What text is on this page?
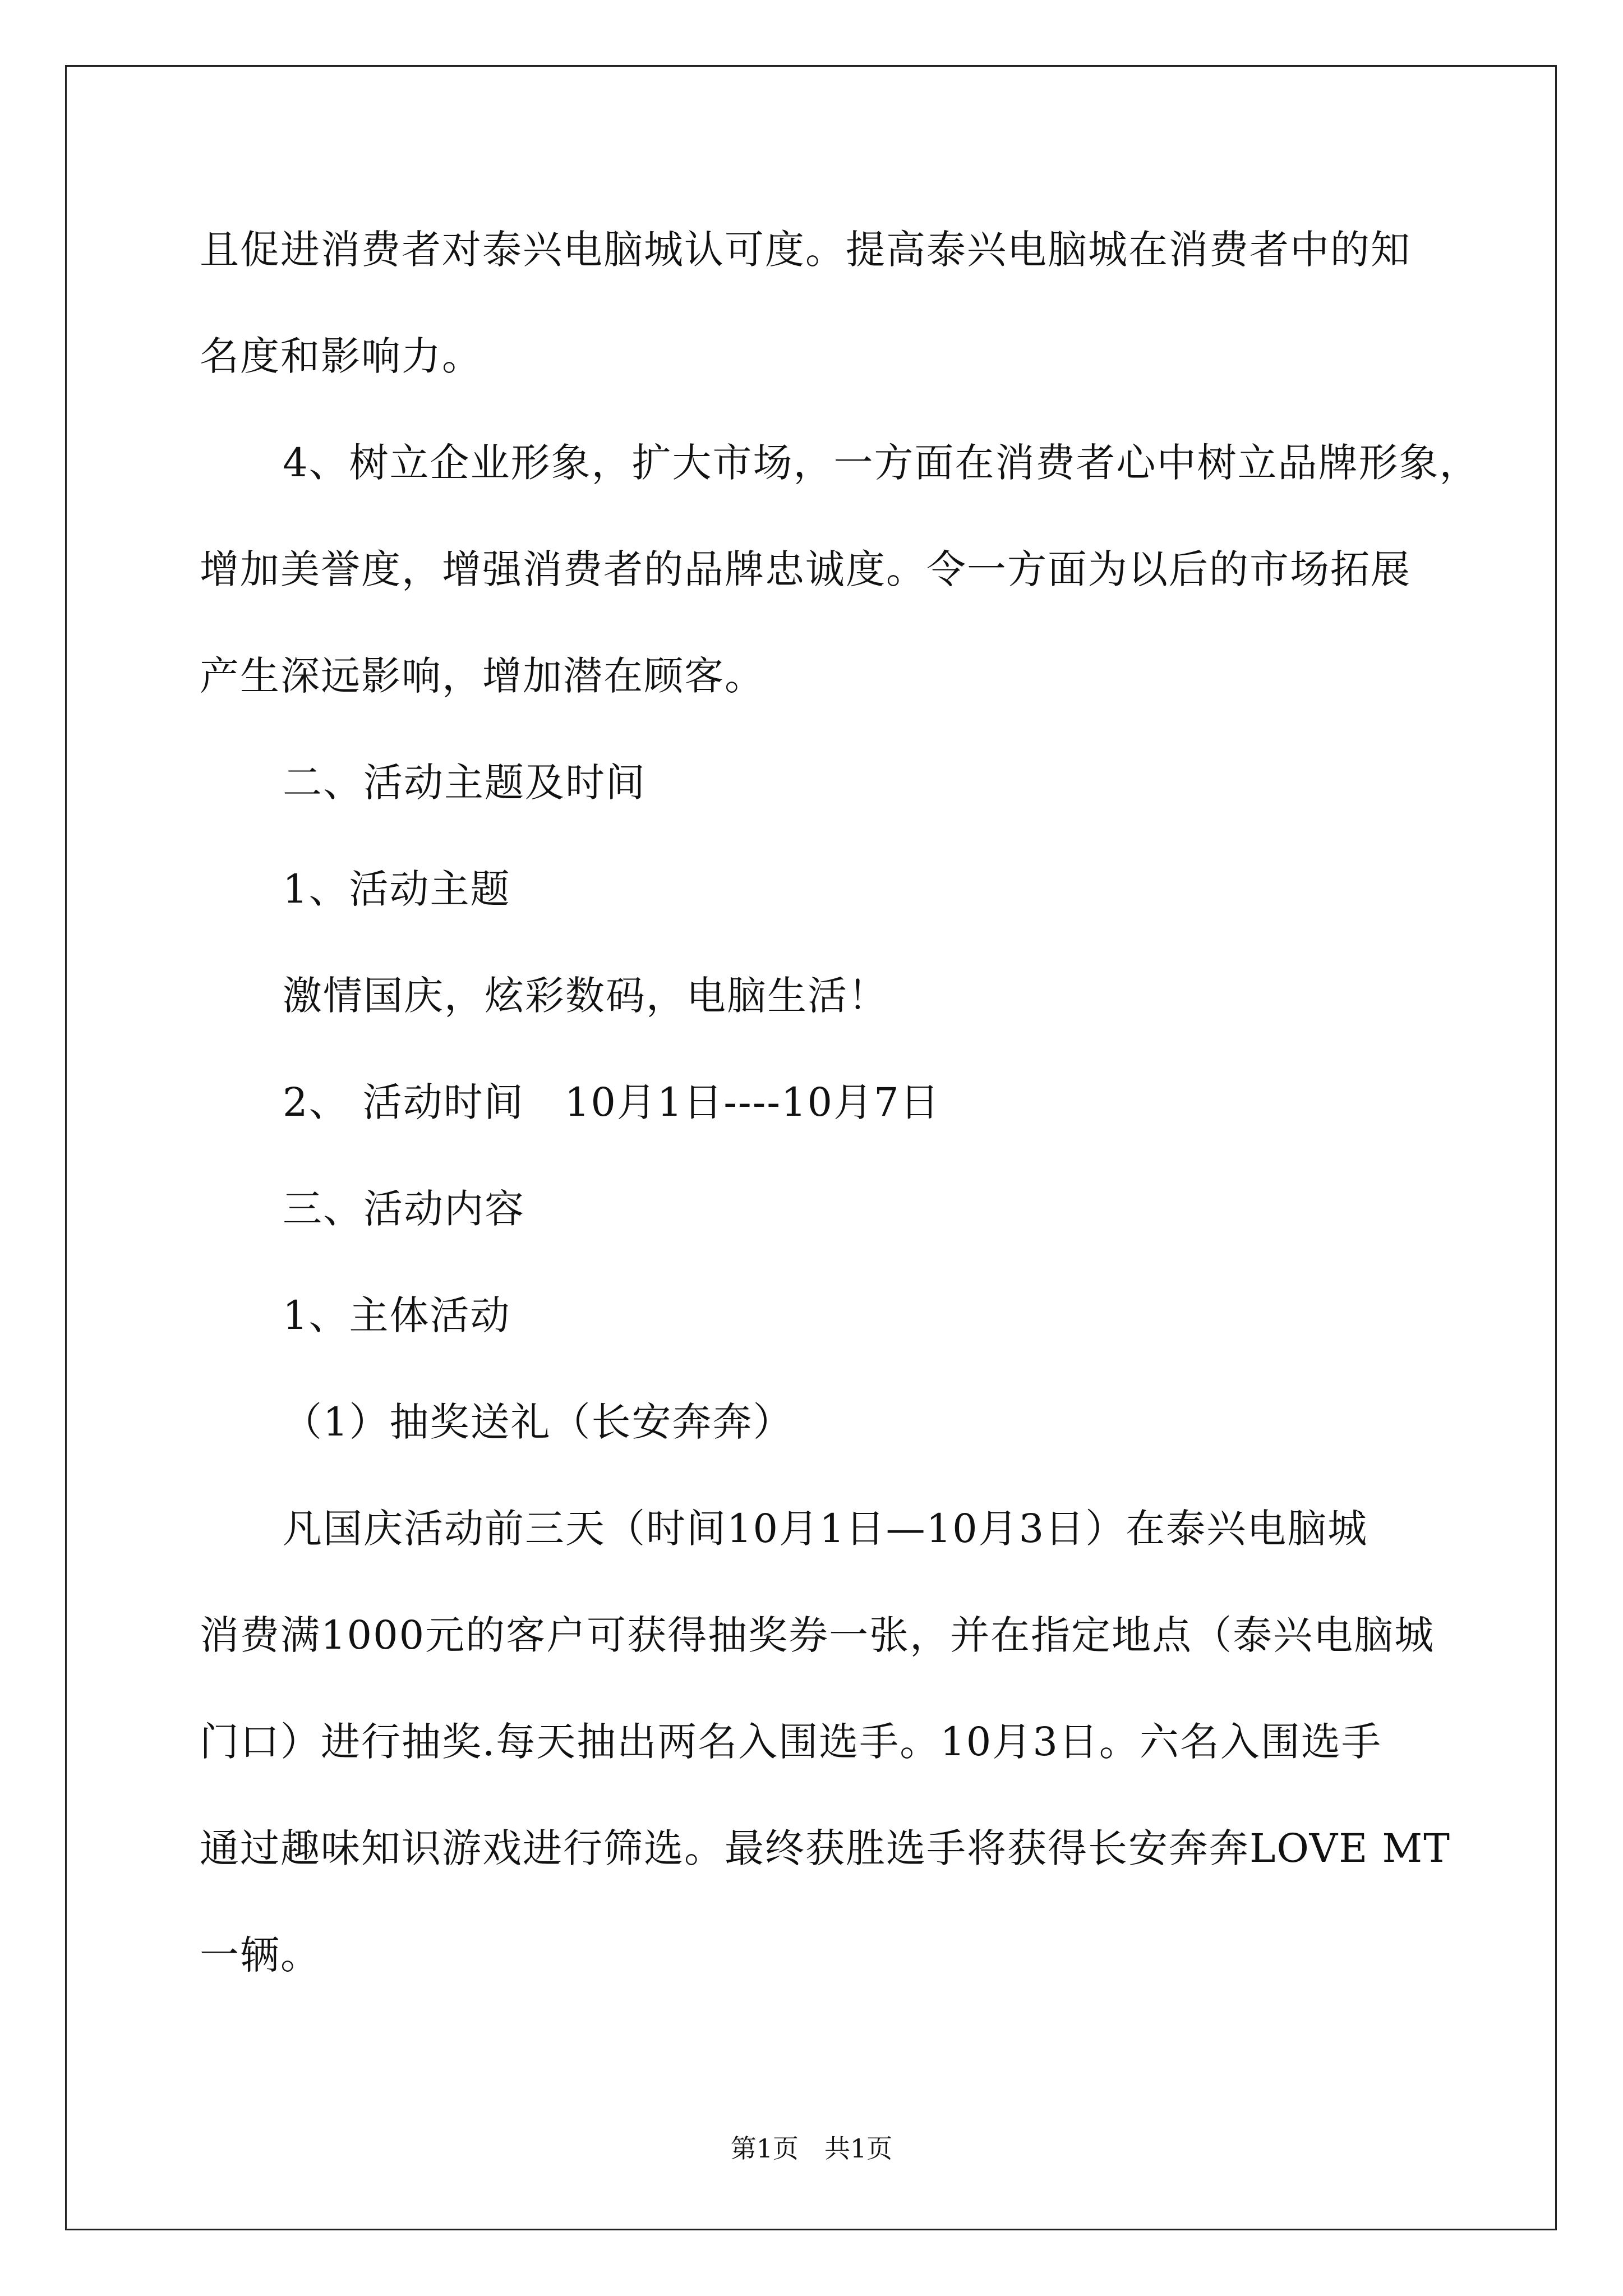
且促进消费者对泰兴电脑城认可度。提高泰兴电脑城在消费者中的知
名度和影响力。
4、树立企业形象，扩大市场，一方面在消费者心中树立品牌形象，
增加美誉度，增强消费者的品牌忠诚度。令一方面为以后的市场拓展
产生深远影响，增加潜在顾客。
二、活动主题及时间
1、活动主题
激情国庆，炫彩数码，电脑生活！
2、 活动时间　10月1日----10月7日
三、活动内容
1、主体活动
（1）抽奖送礼（长安奔奔）
凡国庆活动前三天（时间10月1日—10月3日）在泰兴电脑城
消费满1000元的客户可获得抽奖券一张，并在指定地点（泰兴电脑城
门口）进行抽奖.每天抽出两名入围选手。10月3日。六名入围选手
通过趣味知识游戏进行筛选。最终获胜选手将获得长安奔奔LOVE MT
一辆。
第1页　共1页
